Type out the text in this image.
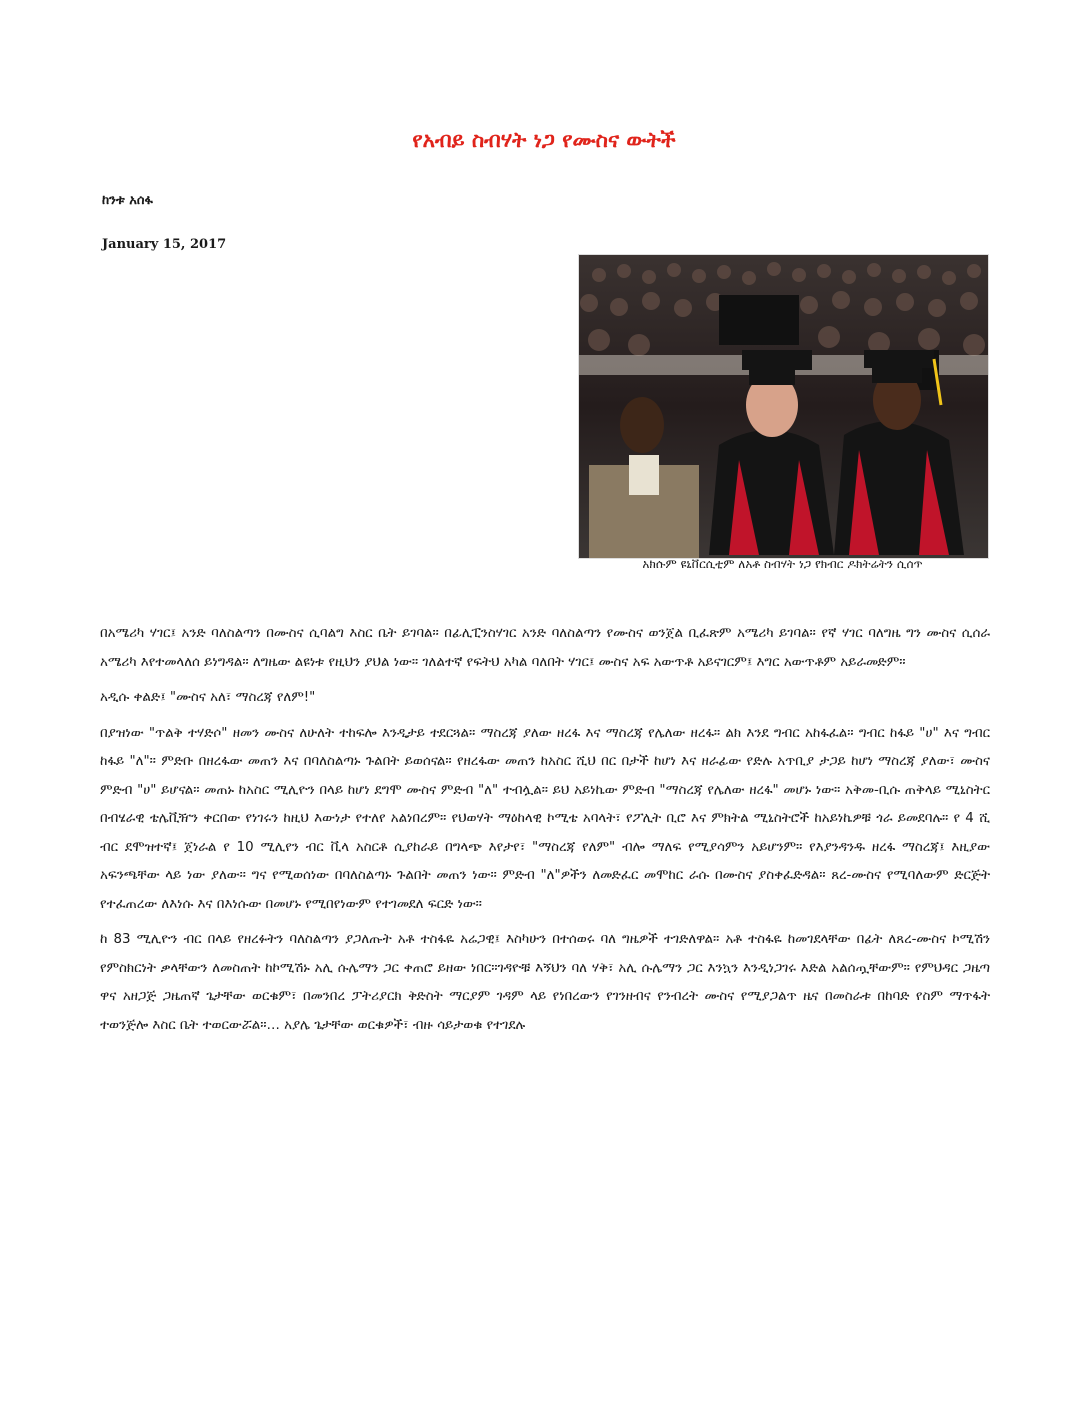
የአብይ ስብሃት ነጋ የሙስና ውትች
ከንቱ አሰፋ
January 15, 2017
አክሱም ዩኒቨርሲቲም ለአቶ ስብሃት ነጋ የክብር ዶክትሬትን ሲሰጥ

በአሜሪካ ሃገር፤ አንድ ባለስልጣን በሙስና ሲባልግ እስር ቤት ይገባል። በፊሊፒንስሃገር አንድ ባለስልጣን የሙስና ወንጀል ቢፈጽም አሜሪካ ይገባል። የኛ ሃገር ባለግዜ ግን ሙስና ሲሰራ አሜሪካ እየተመላለሰ ይነግዳል። ለግዜው ልዩነቱ የዚህን ያህል ነው። ገለልተኛ የፍትህ አካል ባለበት ሃገር፤ ሙስና አፍ አውጥቶ አይናገርም፤ እግር አውጥቶም አይራመድም።

አዲሱ ቀልድ፤ "ሙስና አለ፣ ማስረጃ የለም!"

በያዝነው "ጥልቅ ተሃድሶ" ዘመን ሙስና ለሁለት ተከፍሎ እንዲታይ ተደርጓል። ማስረጃ ያለው ዘረፋ እና ማስረጃ የሌለው ዘረፋ። ልክ እንደ ግብር አከፋፈል። ግብር ከፋይ "ሀ" እና ግብር ከፋይ "ለ"። ምድቡ በዘረፋው መጠን እና በባለስልጣኑ ጉልበት ይወሰናል። የዘረፋው መጠን ከአስር ሺህ በር በታች ከሆነ እና ዘራፊው የድሉ አጥቢያ ታጋይ ከሆነ ማስረጃ ያለው፣ ሙስና ምድብ "ሀ" ይሆናል። መጠኑ ከአስር ሚሊዮን በላይ ከሆነ ደግሞ ሙስና ምድብ "ለ" ተብሏል። ይህ አይነኬው ምድብ "ማስረጃ የሌለው ዘረፋ" መሆኑ ነው። አቅመ-ቢሱ ጠቅላይ ሚኒስትር በብሄራዊ ቴሌቪዥን ቀርበው የነገሩን ከዚህ እውነታ የተለየ አልነበረም። የህወሃት ማዕከላዊ ኮሚቴ አባላት፣ የፖሊት ቢሮ እና ምክትል ሚኒስትሮች ከአይነኬዎቹ ጎራ ይመደባሉ። የ 4 ሺ ብር ደሞዝተኛ፤ ጀነራል የ 10 ሚሊየን ብር ቪላ አስርቶ ሲያከራይ በግላጭ እየታየ፣ "ማስረጃ የለም" ብሎ ማለፍ የሚያሳምን አይሆንም። የእያንዳንዱ ዘረፋ ማስረጃ፤ እዚያው አፍንጫቸው ላይ ነው ያለው። ግና የሚወሰነው በባለስልጣኑ ጉልበት መጠን ነው። ምድብ "ለ"ዎችን ለመድፈር መሞከር ራሱ በሙስና ያስቀፈድዳል። ጸረ-ሙስና የሚባለውም ድርጅት የተፈጠረው ለእነሱ እና በእነሱው በመሆኑ የሚበየነውም የተገመደለ ፍርድ ነው።

ከ 83 ሚሊዮን ብር በላይ የዘረፉትን ባለስልጣን ያጋለጡት አቶ ተስፋዬ አሬጋዊ፤ እስካሁን በተሰወሩ ባለ ግዜዎች ተገድለዋል። አቶ ተስፋዬ ከመገደላቸው በፊት ለጸረ-ሙስና ኮሚሽን የምስክርነት ቃላቸውን ለመስጠት ከኮሚሽኑ አሊ ሱሌማን ጋር ቀጠሮ ይዘው ነበር።ገዳዮቹ እኝህን ባለ ሃቅ፣ አሊ ሱሌማን ጋር እንኳን እንዲነጋገሩ እድል አልሰጧቸውም። የምህዳር ጋዜጣ ዋና አዘጋጅ ጋዜጠኛ ጌታቸው ወርቁም፣ በመንበረ ፓትሪያርክ ቅድስት ማርያም ገዳም ላይ የነበረውን የገንዘብና የንብረት ሙስና የሚያጋልጥ ዜና በመስራቱ በከባድ የስም ማጥፋት ተወንጅሎ እስር ቤት ተወርውሯል።… አያሌ ጌታቸው ወርቁዎች፣ ብዙ ሳይታወቁ የተገደሉ
